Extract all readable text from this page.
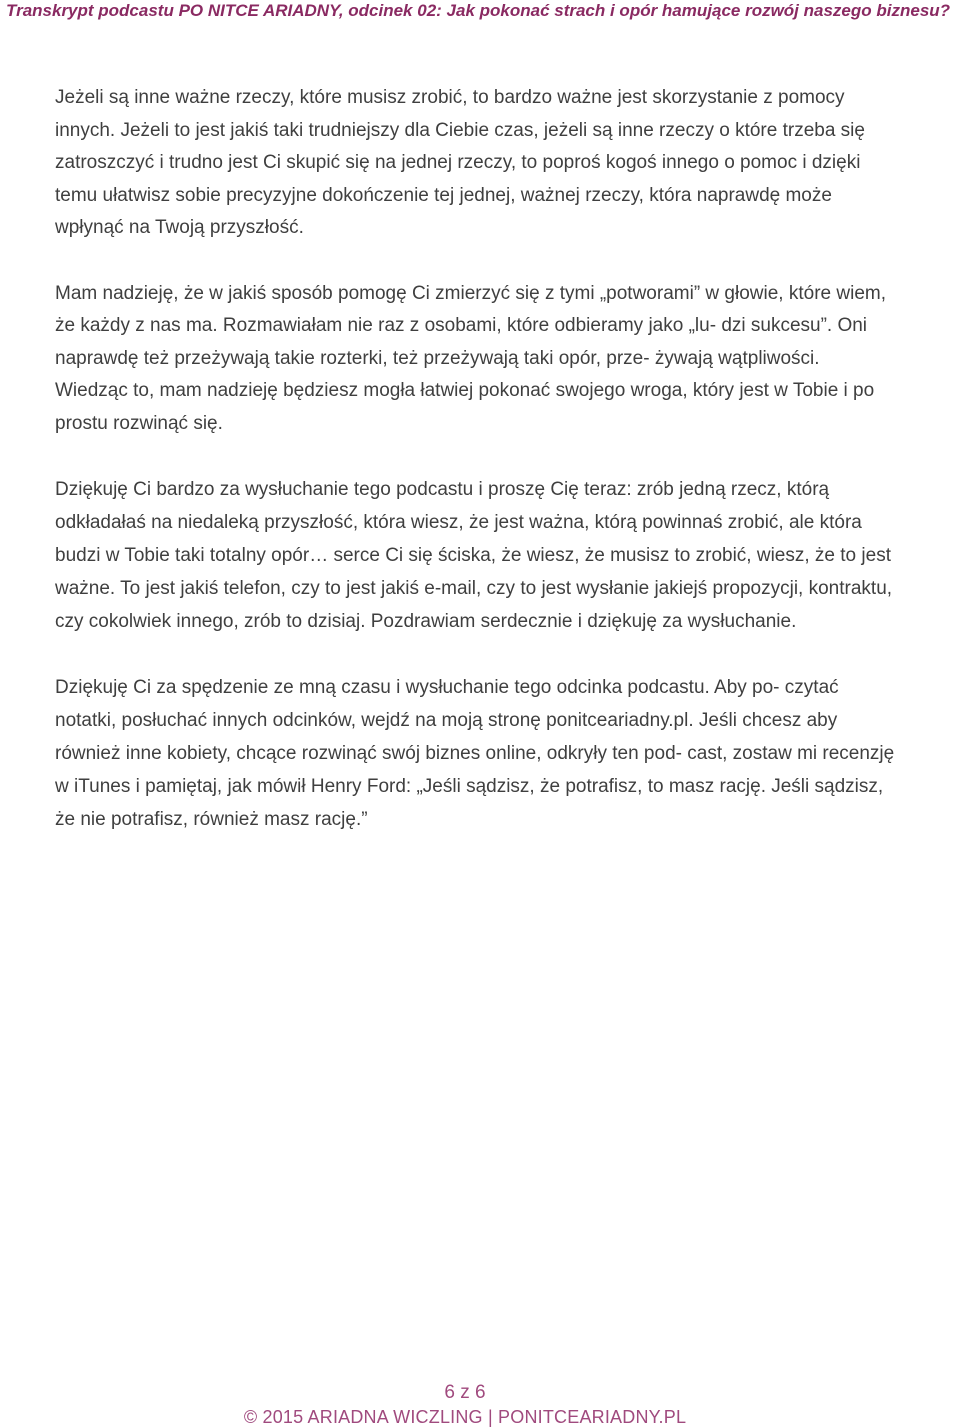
Transkrypt podcastu PO NITCE ARIADNY, odcinek 02: Jak pokonać strach i opór hamujące rozwój naszego biznesu?

Jeżeli są inne ważne rzeczy, które musisz zrobić, to bardzo ważne jest skorzystanie z pomocy innych. Jeżeli to jest jakiś taki trudniejszy dla Ciebie czas, jeżeli są inne rzeczy o które trzeba się zatroszczyć i trudno jest Ci skupić się na jednej rzeczy, to poproś kogoś innego o pomoc i dzięki temu ułatwisz sobie precyzyjne dokończenie tej jednej, ważnej rzeczy, która naprawdę może wpłynąć na Twoją przyszłość.

Mam nadzieję, że w jakiś sposób pomogę Ci zmierzyć się z tymi „potworami” w głowie, które wiem, że każdy z nas ma. Rozmawiałam nie raz z osobami, które odbieramy jako „lu- dzi sukcesu”. Oni naprawdę też przeżywają takie rozterki, też przeżywają taki opór, prze- żywają wątpliwości. Wiedząc to, mam nadzieję będziesz mogła łatwiej pokonać swojego wroga, który jest w Tobie i po prostu rozwinąć się.

Dziękuję Ci bardzo za wysłuchanie tego podcastu i proszę Cię teraz: zrób jedną rzecz, którą odkładałaś na niedaleką przyszłość, która wiesz, że jest ważna, którą powinnaś zrobić, ale która budzi w Tobie taki totalny opór… serce Ci się ściska, że wiesz, że musisz to zrobić, wiesz, że to jest ważne. To jest jakiś telefon, czy to jest jakiś e-mail, czy to jest wysłanie jakiejś propozycji, kontraktu, czy cokolwiek innego, zrób to dzisiaj. Pozdrawiam serdecznie i dziękuję za wysłuchanie.

Dziękuję Ci za spędzenie ze mną czasu i wysłuchanie tego odcinka podcastu. Aby po- czytać notatki, posłuchać innych odcinków, wejdź na moją stronę ponitceariadny.pl. Jeśli chcesz aby również inne kobiety, chcące rozwinąć swój biznes online, odkryły ten pod- cast, zostaw mi recenzję w iTunes i pamiętaj, jak mówił Henry Ford: „Jeśli sądzisz, że potrafisz, to masz rację. Jeśli sądzisz, że nie potrafisz, również masz rację.”

6 z 6
© 2015 ARIADNA WICZLING | PONITCEARIADNY.PL
